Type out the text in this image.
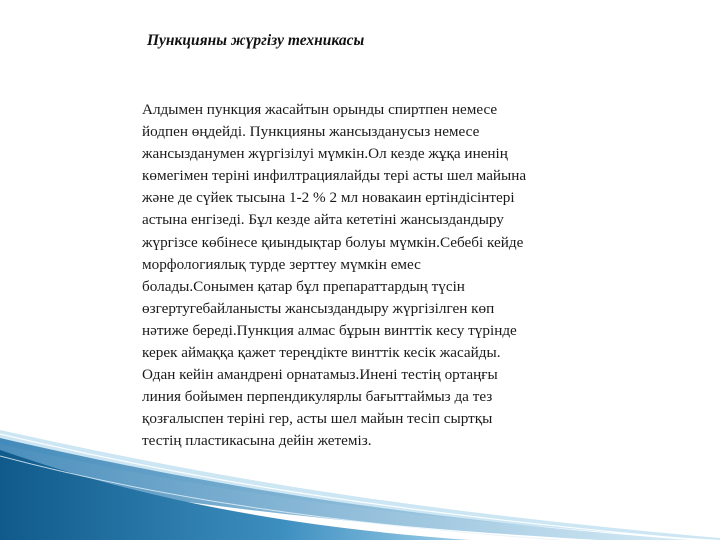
Пункцияны жүргізу техникасы

Алдымен пункция жасайтын орынды спиртпен немесе
йодпен өңдейді. Пункцияны жансызданусыз немесе
жансызданумен жүргізілуі мүмкін.Ол кезде жұқа иненің
көмегімен теріні инфилтрациялайды тері асты шел майына
және де сүйек тысына 1-2 % 2 мл новакаин ертіндісінтері
астына енгізеді. Бұл кезде айта кететіні жансыздандыру
жүргізсе көбінесе қиындықтар болуы мүмкін.Себебі кейде
морфологиялық турде зерттеу мүмкін емес
болады.Сонымен қатар бұл препараттардың түсін
өзгертугебайланысты жансыздандыру жүргізілген көп
нәтиже береді.Пункция алмас бұрын винттік кесу түрінде
керек аймаққа қажет тереңдікте винттік кесік жасайды.
Одан кейін амандрені орнатамыз.Инені тестің ортаңғы
линия бойымен перпендикулярлы бағыттаймыз да тез
қозғалыспен теріні гер, асты шел майын тесіп сыртқы
тестің пластикасына дейін жетеміз.
